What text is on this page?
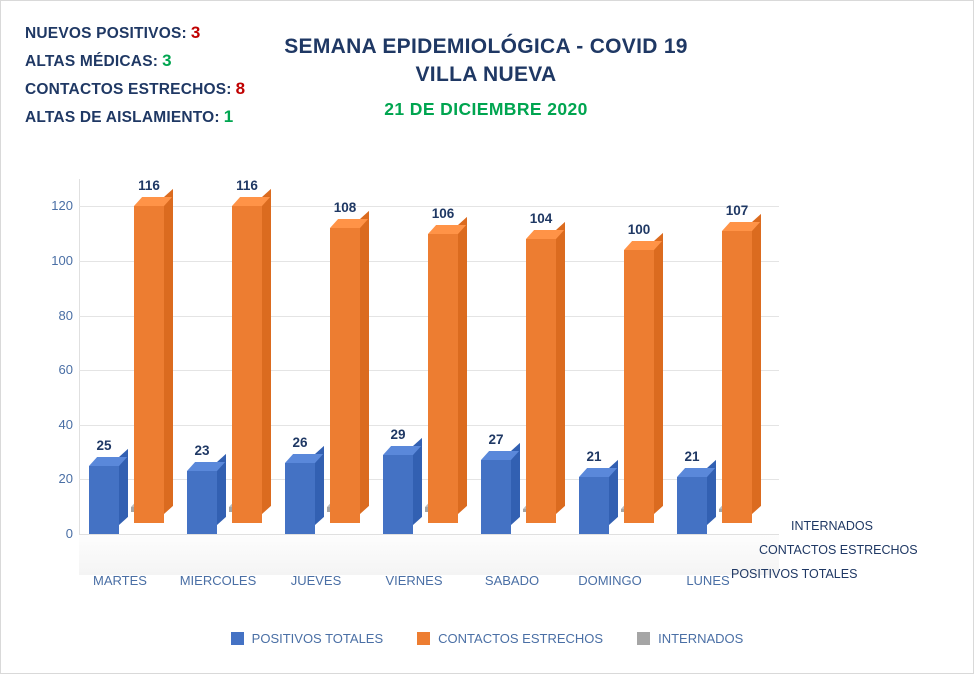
NUEVOS POSITIVOS: 3
ALTAS MÉDICAS: 3
CONTACTOS ESTRECHOS: 8
ALTAS DE AISLAMIENTO: 1
SEMANA EPIDEMIOLÓGICA - COVID 19
VILLA NUEVA
21 DE DICIEMBRE 2020
0
20
40
60
80
100
120
116	116
108	106	104
100
107
25	23
26
29	27
21	21
MARTES	MIERCOLES	JUEVES	VIERNES	SABADO	DOMINGO	LUNES
INTERNADOS
CONTACTOS ESTRECHOS
POSITIVOS TOTALES
POSITIVOS TOTALES	CONTACTOS ESTRECHOS	INTERNADOS
